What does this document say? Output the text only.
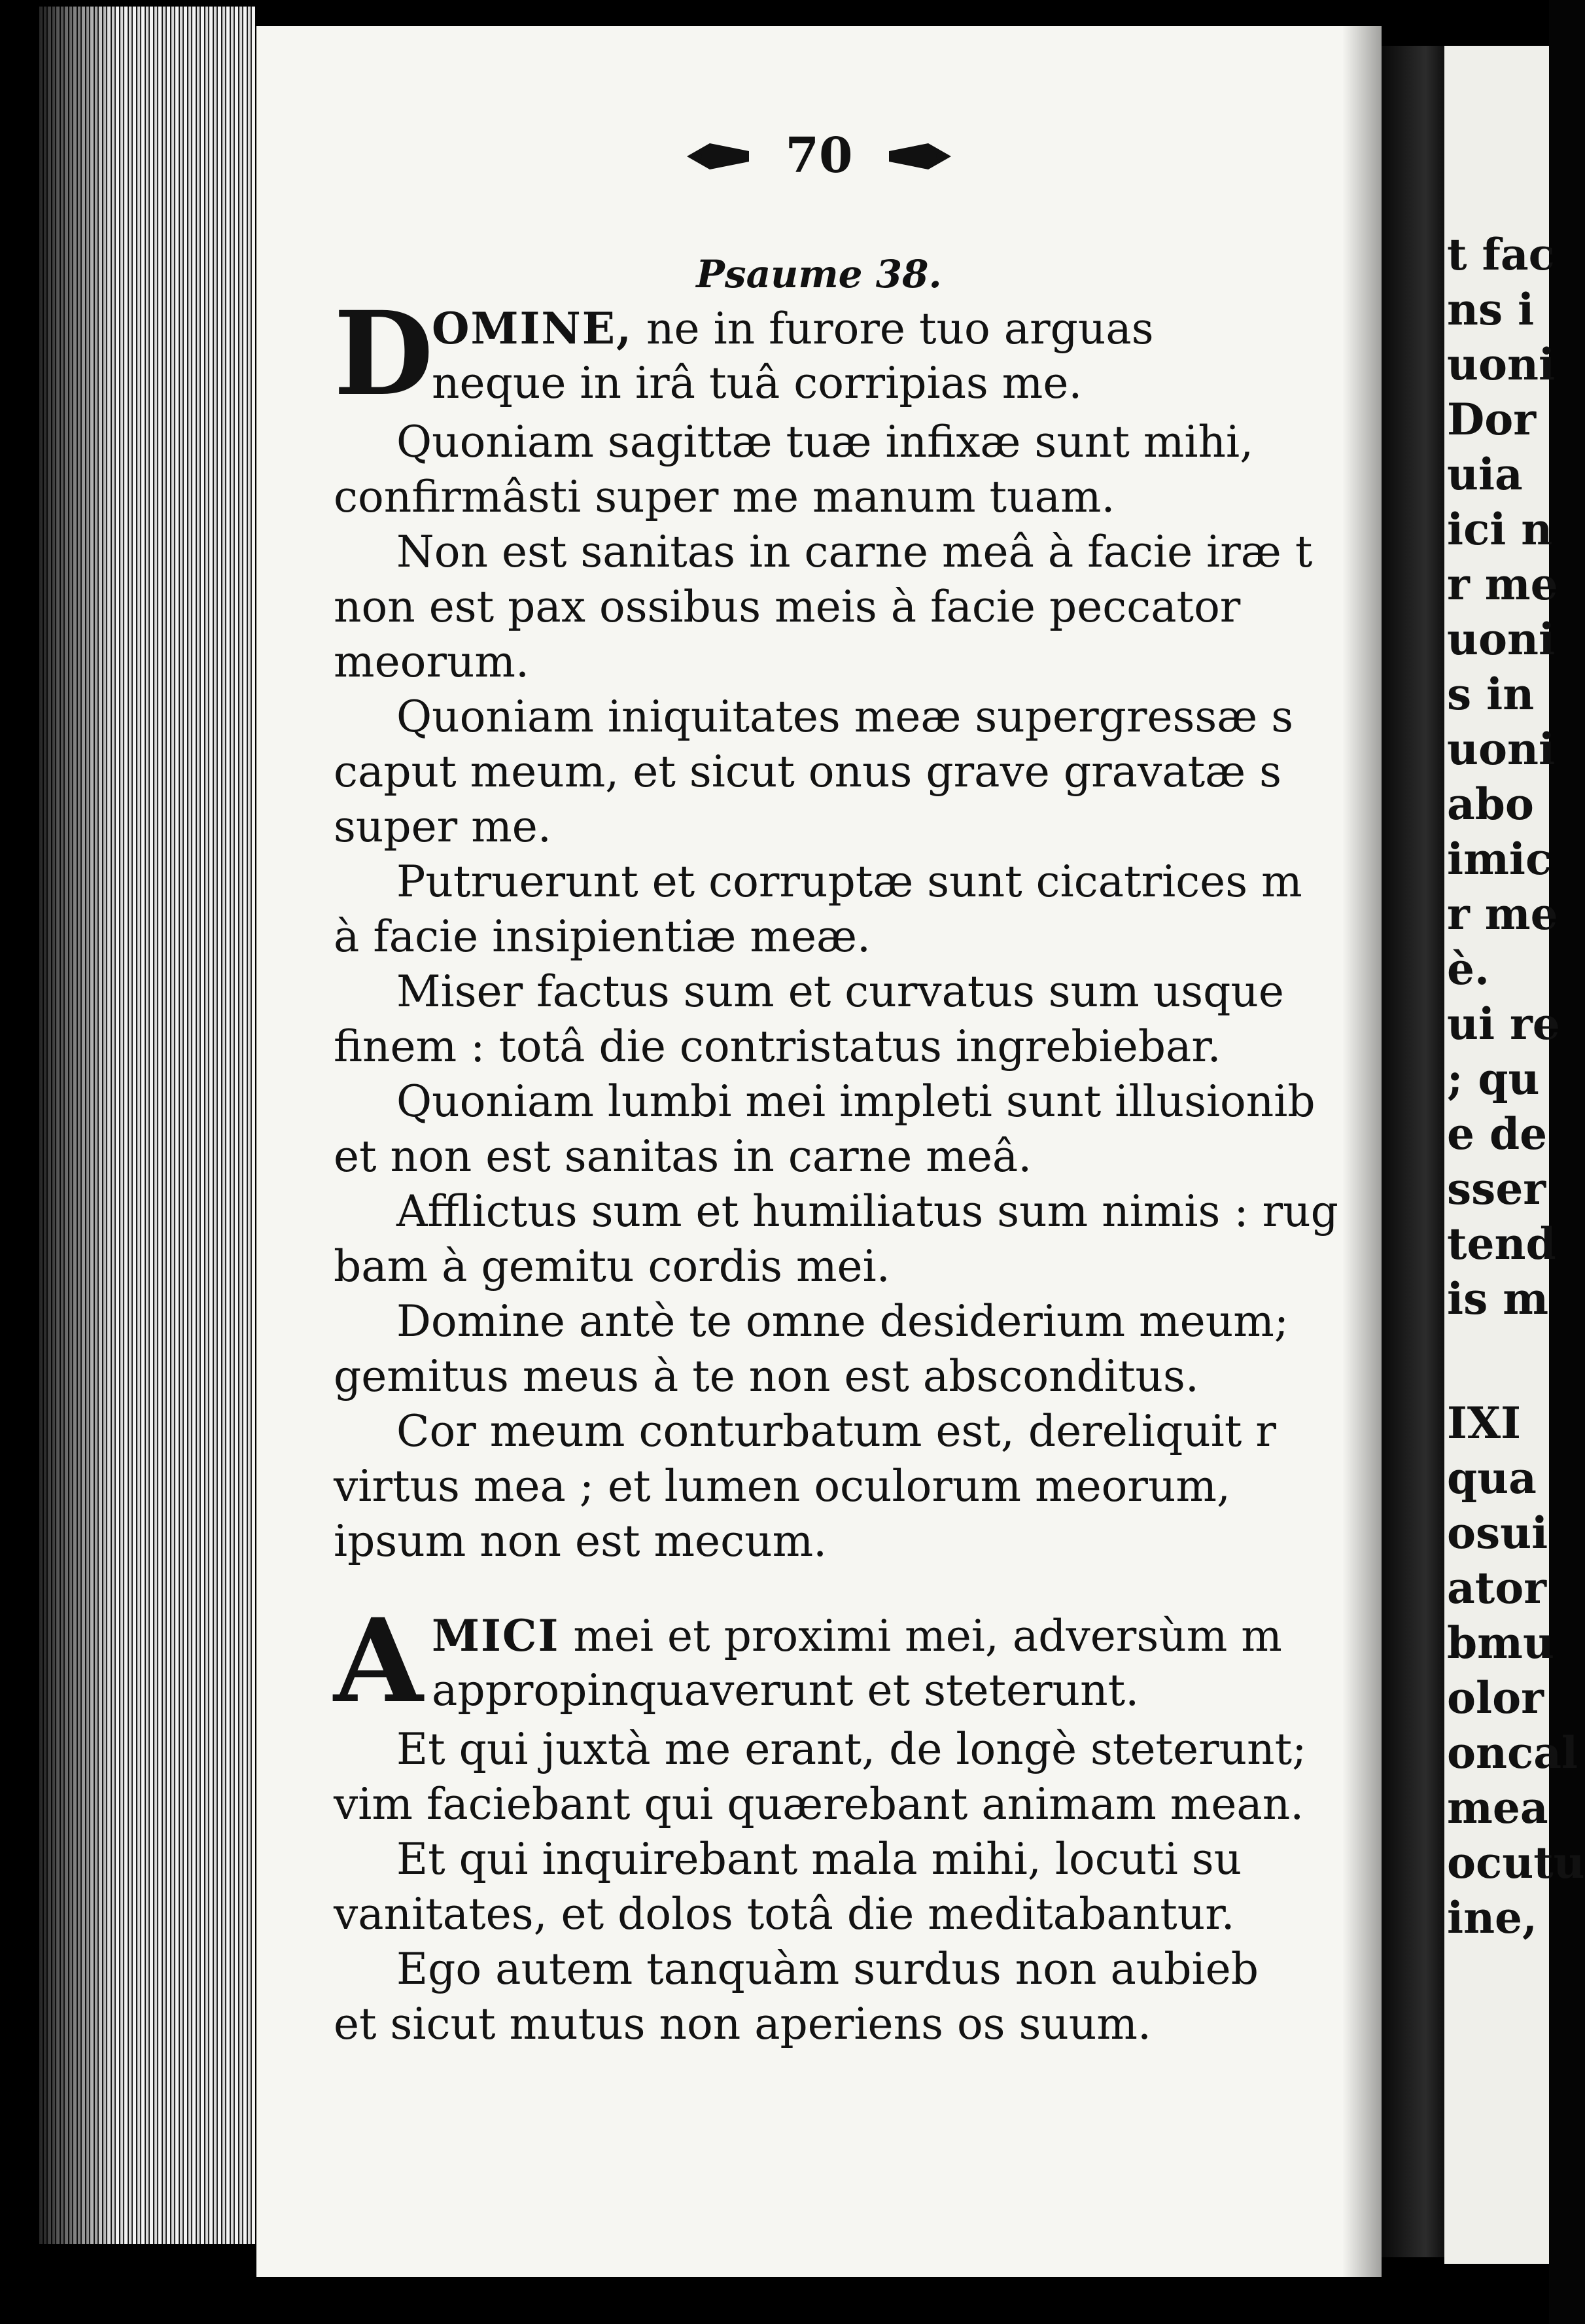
70
Psaume 38.
D
OMINE, ne in furore tuo arguas
neque in irâ tuâ corripias me.
Quoniam sagittæ tuæ infixæ sunt mihi,
confirmâsti super me manum tuam.
Non est sanitas in carne meâ à facie iræ t
non est pax ossibus meis à facie peccator
meorum.
Quoniam iniquitates meæ supergressæ s
caput meum, et sicut onus grave gravatæ s
super me.
Putruerunt et corruptæ sunt cicatrices m
à facie insipientiæ meæ.
Miser factus sum et curvatus sum usque
finem : totâ die contristatus ingrebiebar.
Quoniam lumbi mei impleti sunt illusionib
et non est sanitas in carne meâ.
Afflictus sum et humiliatus sum nimis : rug
bam à gemitu cordis mei.
Domine antè te omne desiderium meum;
gemitus meus à te non est absconditus.
Cor meum conturbatum est, dereliquit r
virtus mea ; et lumen oculorum meorum,
ipsum non est mecum.
A MICI mei et proximi mei, adversùm m
appropinquaverunt et steterunt.
Et qui juxtà me erant, de longè steterunt;
vim faciebant qui quærebant animam mean.
Et qui inquirebant mala mihi, locuti su
vanitates, et dolos totâ die meditabantur.
Ego autem tanquàm surdus non aubieb
et sicut mutus non aperiens os suum.
t fac
ns i
uoni
Dor
uia
ici n
r me
uoni
s in
uoni
abo
imic
r me
è.
ui re
; qu
e de
sser
tend
is m
IXI
qua
osui
ator
bmu
olor
oncal
mea
ocutu
ine,
